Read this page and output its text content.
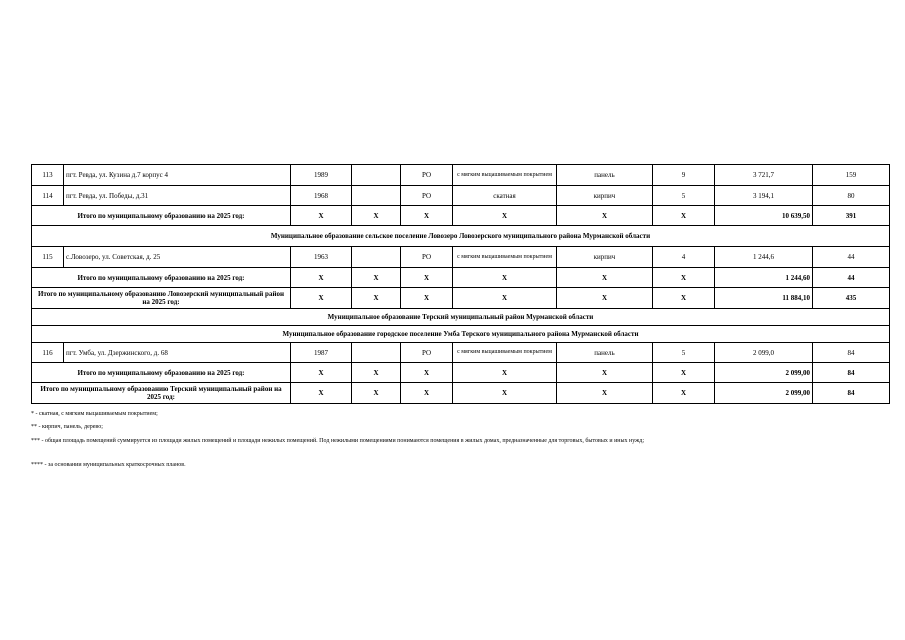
113	пгт. Ревда, ул. Кузина д.7 корпус 4	1989		РО	с мягким выцашиваемым покрытием	панель	9	3 721,7	159
114	пгт. Ревда, ул. Победы, д.31	1968		РО	скатная	кирпич	5	3 194,1	80
Итого по муниципальному образованию на 2025 год:		X	X	X	X	X	X	10 639,50	391
Муниципальное образование сельское поселение Ловозеро Ловозерского муниципального района Мурманской области									
115	с.Ловозеро, ул. Советская, д. 25	1963		РО	с мягким выцашиваемым покрытием	кирпич	4	1 244,6	44
Итого по муниципальному образованию на 2025 год:		X	X	X	X	X	X	1 244,60	44
Итого по муниципальному образованию Ловозерский муниципальный район на 2025 год:		X	X	X	X	X	X	11 884,10	435
Муниципальное образование Терский муниципальный район Мурманской области									
Муниципальное образование городское поселение Умба Терского муниципального района Мурманской области									
116	пгт. Умба, ул. Дзержинского, д. 68	1987		РО	с мягким выцашиваемым покрытием	панель	5	2 099,0	84
Итого по муниципальному образованию на 2025 год:		X	X	X	X	X	X	2 099,00	84
Итого по муниципальному образованию Терский муниципальный район на 2025 год:		X	X	X	X	X	X	2 099,00	84

* - скатная, с мягким выцашиваемым покрытием;

** - кирпич, панель, дерево;

*** - общая площадь помещений суммируется из площади жилых помещений и площади нежилых помещений. Под нежилыми помещениями понимаются помещения в жилых домах, предназначенные для торговых, бытовых и иных нужд;

**** - за основании муниципальных краткосрочных планов.
